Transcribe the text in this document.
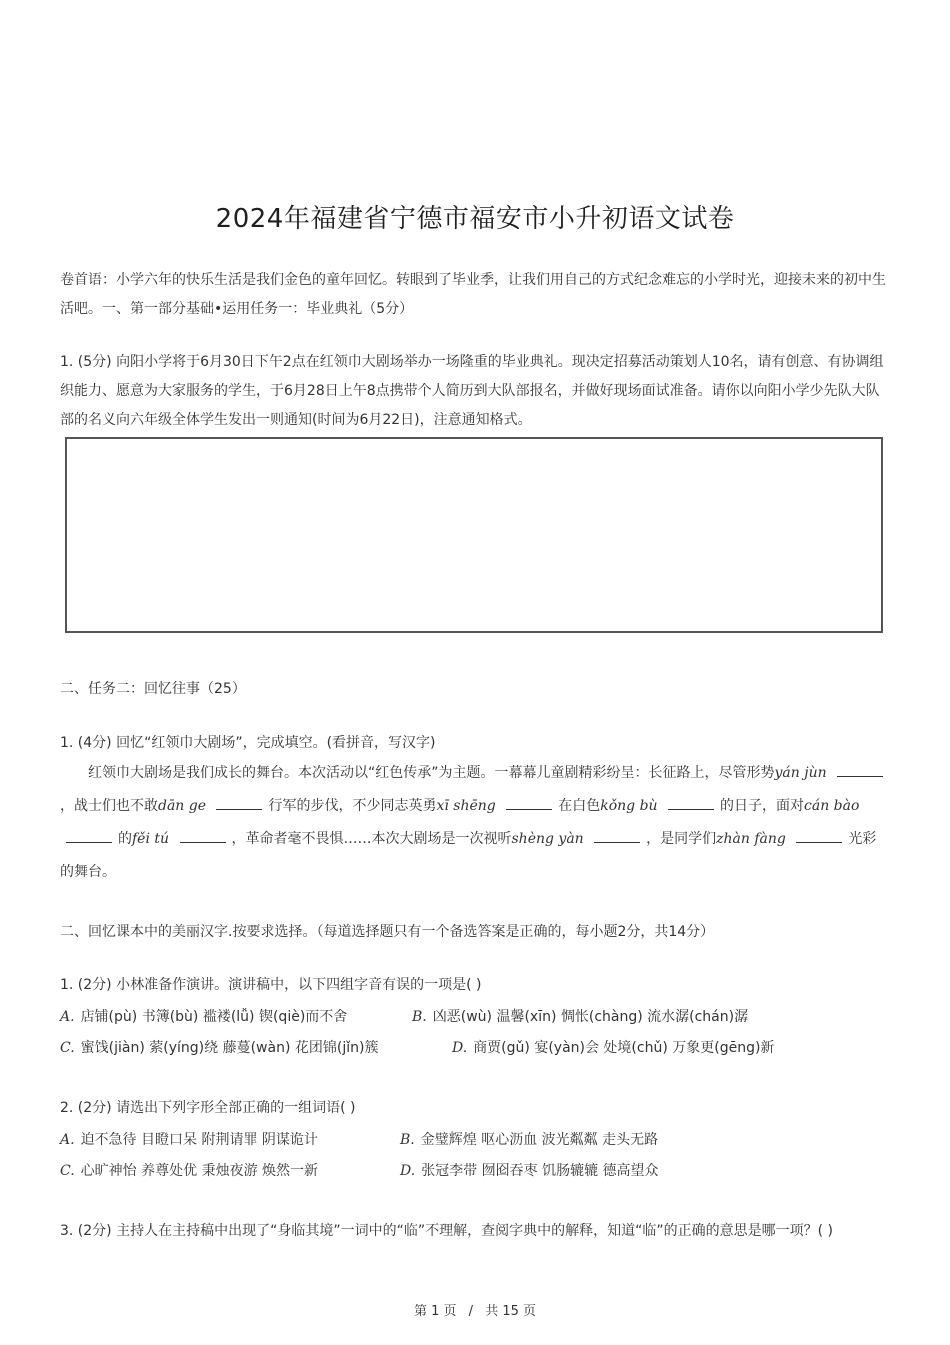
2024年福建省宁德市福安市小升初语文试卷
卷首语：小学六年的快乐生活是我们金色的童年回忆。转眼到了毕业季，让我们用自己的方式纪念难忘的小学时光，迎接未来的初中生活吧。一、第一部分基础•运用任务一：毕业典礼（5分）
1. (5分) 向阳小学将于6月30日下午2点在红领巾大剧场举办一场隆重的毕业典礼。现决定招募活动策划人10名，请有创意、有协调组织能力、愿意为大家服务的学生，于6月28日上午8点携带个人简历到大队部报名，并做好现场面试准备。请你以向阳小学少先队大队部的名义向六年级全体学生发出一则通知(时间为6月22日)，注意通知格式。
二、任务二：回忆往事（25）
1. (4分) 回忆“红领巾大剧场”，完成填空。(看拼音，写汉字)
红领巾大剧场是我们成长的舞台。本次活动以“红色传承”为主题。一幕幕儿童剧精彩纷呈：长征路上，尽管形势yán jùn ，战士们也不敢dān ge	行军的步伐，不少同志英勇xī shēng	在白色kǒng bù	的日子，面对cán bào 的fěi tú	，革命者毫不畏惧……本次大剧场是一次视听shèng yàn	，是同学们zhàn fàng	光彩的舞台。
二、回忆课本中的美丽汉字.按要求选择。（每道选择题只有一个备选答案是正确的，每小题2分，共14分）
1. (2分) 小林准备作演讲。演讲稿中，以下四组字音有误的一项是( )
A. 店铺(pù) 书簿(bù) 褴褛(lǚ) 锲(qiè)而不舍	B. 凶恶(wù) 温馨(xīn) 惆怅(chàng) 流水潺(chán)潺
C. 蜜饯(jiàn) 萦(yíng)绕 藤蔓(wàn) 花团锦(jǐn)簇	D. 商贾(gǔ) 宴(yàn)会 处境(chǔ) 万象更(gēng)新
2. (2分) 请选出下列字形全部正确的一组词语( )
A. 迫不急待 目瞪口呆 附荆请罪 阴谋诡计	B. 金璧辉煌 呕心沥血 波光粼粼 走头无路
C. 心旷神怡 养尊处优 秉烛夜游 焕然一新	D. 张冠李带 囫囵吞枣 饥肠辘辘 德高望众
3. (2分) 主持人在主持稿中出现了“身临其境”一词中的“临”不理解，查阅字典中的解释，知道“临”的正确的意思是哪一项？( )
第 1 页 / 共 15 页
